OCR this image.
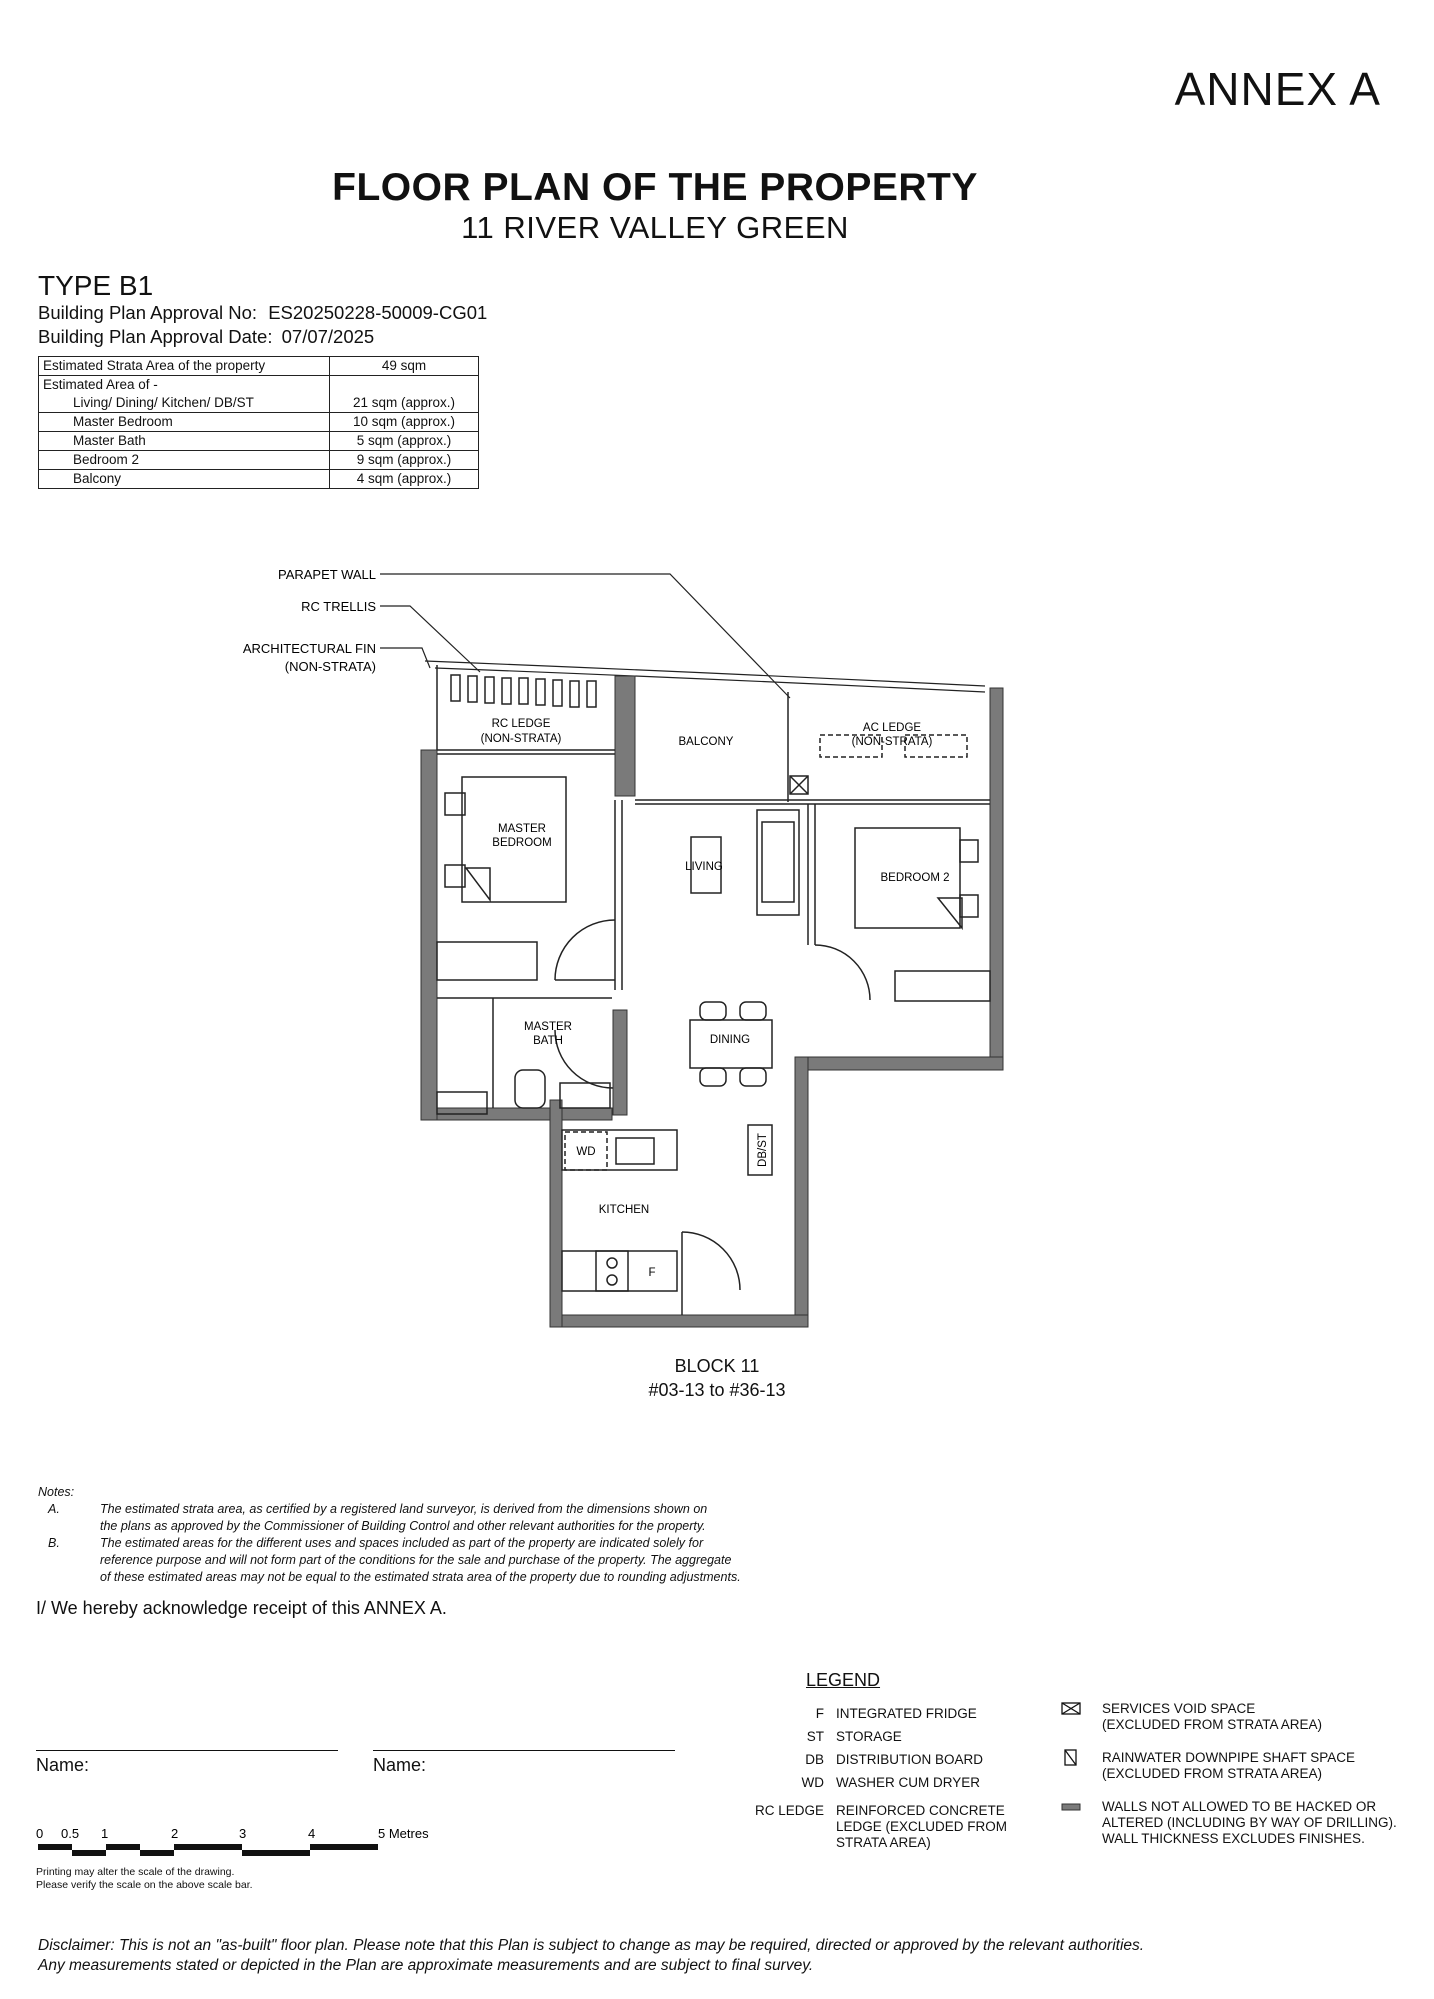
ANNEX A
FLOOR PLAN OF THE PROPERTY
11 RIVER VALLEY GREEN
TYPE B1
Building Plan Approval No: ES20250228-50009-CG01
Building Plan Approval Date: 07/07/2025
Estimated Strata Area of the property	49 sqm
Estimated Area of -	
Living/ Dining/ Kitchen/ DB/ST	21 sqm (approx.)
Master Bedroom	10 sqm (approx.)
Master Bath	5 sqm (approx.)
Bedroom 2	9 sqm (approx.)
Balcony	4 sqm (approx.)
PARAPET WALL
RC TRELLIS
ARCHITECTURAL FIN
(NON-STRATA)
RC LEDGE
(NON-STRATA)	BALCONY
AC LEDGE
(NON-STRATA)
MASTER
BEDROOM
LIVING
BEDROOM 2
MASTER
BATH	DINING
WD	DB/ST
KITCHEN
F
BLOCK 11
#03-13 to #36-13
Notes:
A.	The estimated strata area, as certified by a registered land surveyor, is derived from the dimensions shown on
the plans as approved by the Commissioner of Building Control and other relevant authorities for the property.
B.	The estimated areas for the different uses and spaces included as part of the property are indicated solely for
reference purpose and will not form part of the conditions for the sale and purchase of the property. The aggregate
of these estimated areas may not be equal to the estimated strata area of the property due to rounding adjustments.
I/ We hereby acknowledge receipt of this ANNEX A.
Name:	Name:
0 0.5 1	2	3	4	5 Metres
Printing may alter the scale of the drawing.
Please verify the scale on the above scale bar.
LEGEND
F INTEGRATED FRIDGE
ST STORAGE
DB DISTRIBUTION BOARD
WD WASHER CUM DRYER
RC LEDGE REINFORCED CONCRETE
LEDGE (EXCLUDED FROM
STRATA AREA)
SERVICES VOID SPACE
(EXCLUDED FROM STRATA AREA)
RAINWATER DOWNPIPE SHAFT SPACE
(EXCLUDED FROM STRATA AREA)
WALLS NOT ALLOWED TO BE HACKED OR
ALTERED (INCLUDING BY WAY OF DRILLING).
WALL THICKNESS EXCLUDES FINISHES.
Disclaimer: This is not an "as-built" floor plan. Please note that this Plan is subject to change as may be required, directed or approved by the relevant authorities.
Any measurements stated or depicted in the Plan are approximate measurements and are subject to final survey.
